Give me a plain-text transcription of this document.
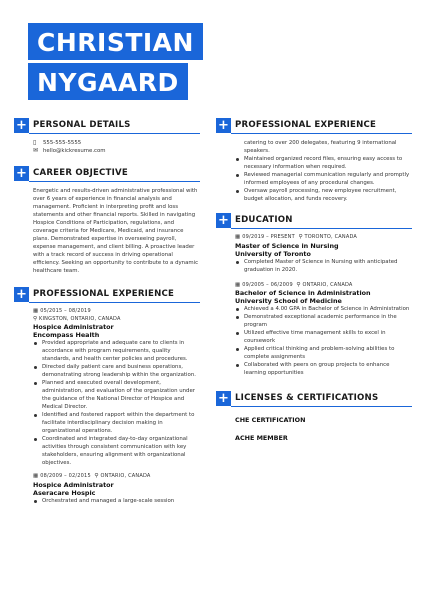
CHRISTIAN
NYGAARD
+ PERSONAL DETAILS
▯ 555-555-5555
✉ hello@kickresume.com
+ CAREER OBJECTIVE
Energetic and results-driven administrative professional with over 6 years of experience in financial analysis and management. Proficient in interpreting profit and loss statements and other financial reports. Skilled in navigating Hospice Conditions of Participation, regulations, and coverage criteria for Medicare, Medicaid, and insurance plans. Demonstrated expertise in overseeing payroll, expense management, and client billing. A proactive leader with a track record of success in driving operational efficiency. Seeking an opportunity to contribute to a dynamic healthcare team.
+ PROFESSIONAL EXPERIENCE
▦ 05/2015 – 08/2019
⚲ KINGSTON, ONTARIO, CANADA
Hospice Administrator
Encompass Health
Provided appropriate and adequate care to clients in accordance with program requirements, quality standards, and health center policies and procedures.
Directed daily patient care and business operations, demonstrating strong leadership within the organization.
Planned and executed overall development, administration, and evaluation of the organization under the guidance of the National Director of Hospice and Medical Director.
Identified and fostered rapport within the department to facilitate interdisciplinary decision making in organizational operations.
Coordinated and integrated day-to-day organizational activities through consistent communication with key stakeholders, ensuring alignment with organizational objectives.
▦ 08/2009 – 02/2015 ⚲ ONTARIO, CANADA
Hospice Administrator
Aseracare Hospic
Orchestrated and managed a large-scale session
+ PROFESSIONAL EXPERIENCE
catering to over 200 delegates, featuring 9 international speakers.
Maintained organized record files, ensuring easy access to necessary information when required.
Reviewed managerial communication regularly and promptly informed employees of any procedural changes.
Oversaw payroll processing, new employee recruitment, budget allocation, and funds recovery.
+ EDUCATION
▦ 09/2019 – PRESENT ⚲ TORONTO, CANADA
Master of Science in Nursing
University of Toronto
Completed Master of Science in Nursing with anticipated graduation in 2020.
▦ 09/2005 – 06/2009 ⚲ ONTARIO, CANADA
Bachelor of Science in Administration
University School of Medicine
Achieved a 4.00 GPA in Bachelor of Science in Administration
Demonstrated exceptional academic performance in the program
Utilized effective time management skills to excel in coursework
Applied critical thinking and problem-solving abilities to complete assignments
Collaborated with peers on group projects to enhance learning opportunities
+ LICENSES & CERTIFICATIONS
CHE CERTIFICATION
ACHE MEMBER
